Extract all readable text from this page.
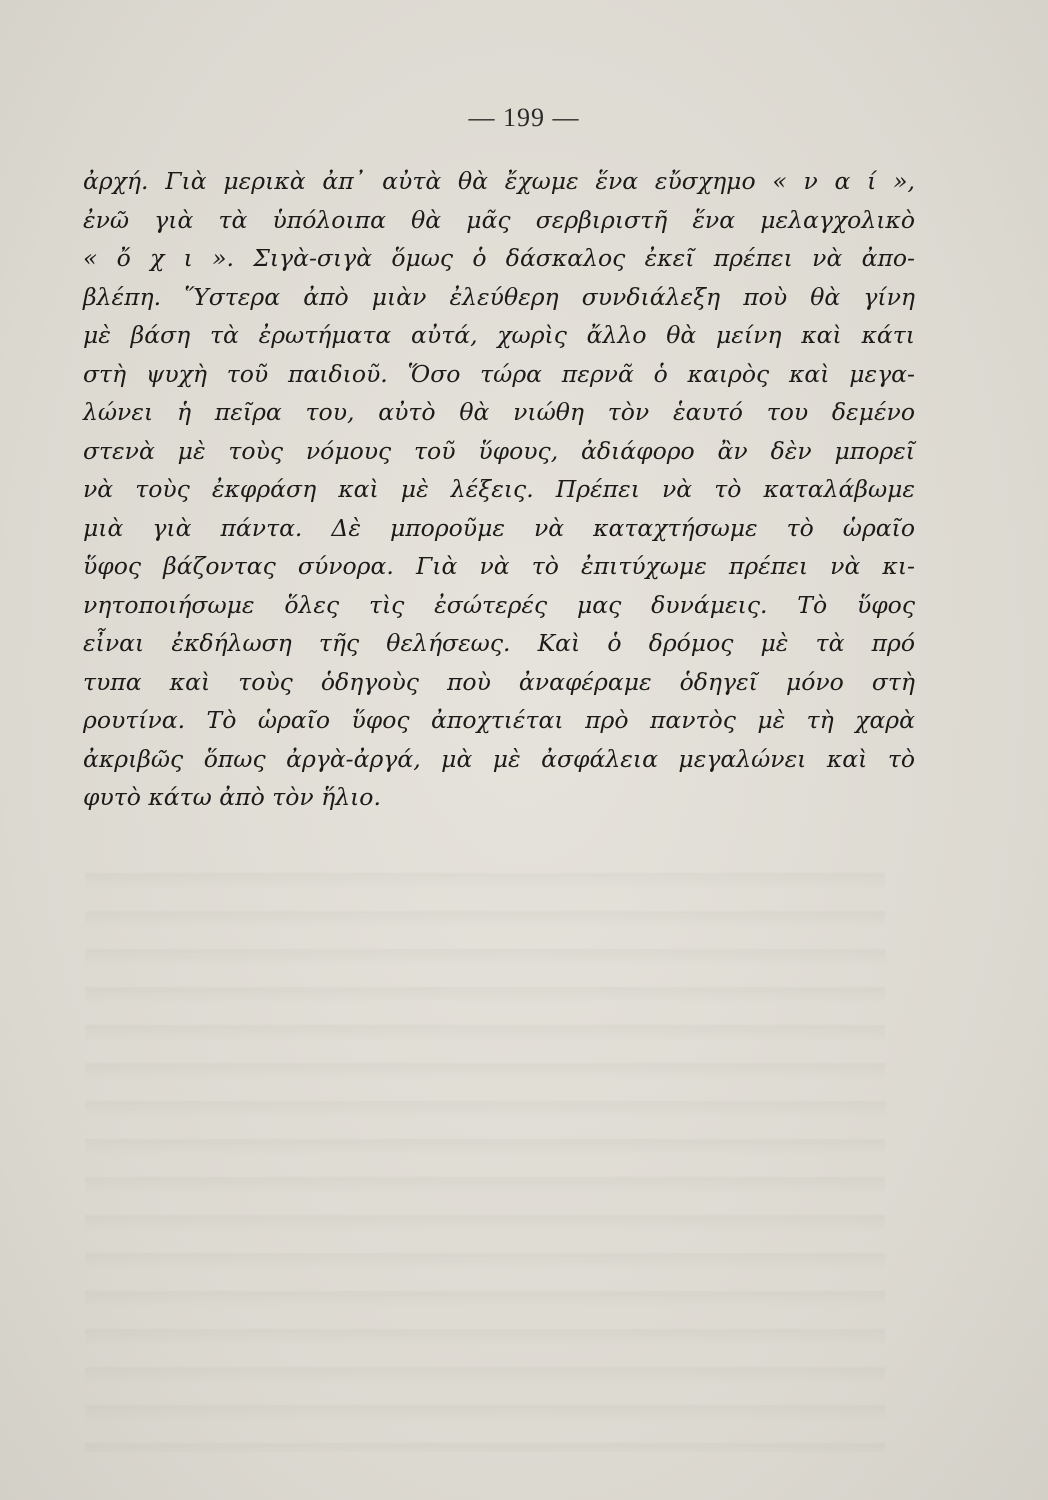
— 199 —
ἀρχή. Γιὰ μερικὰ ἀπ᾽ αὐτὰ θὰ ἔχωμε ἕνα εὔσχημο « ν α ί »,
ἐνῶ γιὰ τὰ ὑπόλοιπα θὰ μᾶς σερβιριστῆ ἕνα μελαγχολικὸ
« ὄ χ ι ». Σιγὰ-σιγὰ ὅμως ὁ δάσκαλος ἐκεῖ πρέπει νὰ ἀπο-
βλέπη. Ὕστερα ἀπὸ μιὰν ἐλεύθερη συνδιάλεξη ποὺ θὰ γίνη
μὲ βάση τὰ ἐρωτήματα αὐτά, χωρὶς ἄλλο θὰ μείνη καὶ κάτι
στὴ ψυχὴ τοῦ παιδιοῦ. Ὅσο τώρα περνᾶ ὁ καιρὸς καὶ μεγα-
λώνει ἡ πεῖρα του, αὐτὸ θὰ νιώθη τὸν ἑαυτό του δεμένο
στενὰ μὲ τοὺς νόμους τοῦ ὕφους, ἀδιάφορο ἂν δὲν μπορεῖ
νὰ τοὺς ἐκφράση καὶ μὲ λέξεις. Πρέπει νὰ τὸ καταλάβωμε
μιὰ γιὰ πάντα. Δὲ μποροῦμε νὰ καταχτήσωμε τὸ ὡραῖο
ὕφος βάζοντας σύνορα. Γιὰ νὰ τὸ ἐπιτύχωμε πρέπει νὰ κι-
νητοποιήσωμε ὅλες τὶς ἐσώτερές μας δυνάμεις. Τὸ ὕφος
εἶναι ἐκδήλωση τῆς θελήσεως. Καὶ ὁ δρόμος μὲ τὰ πρό
τυπα καὶ τοὺς ὁδηγοὺς ποὺ ἀναφέραμε ὁδηγεῖ μόνο στὴ
ρουτίνα. Τὸ ὡραῖο ὕφος ἀποχτιέται πρὸ παντὸς μὲ τὴ χαρὰ
ἀκριβῶς ὅπως ἀργὰ-ἀργά, μὰ μὲ ἀσφάλεια μεγαλώνει καὶ τὸ
φυτὸ κάτω ἀπὸ τὸν ἥλιο.
